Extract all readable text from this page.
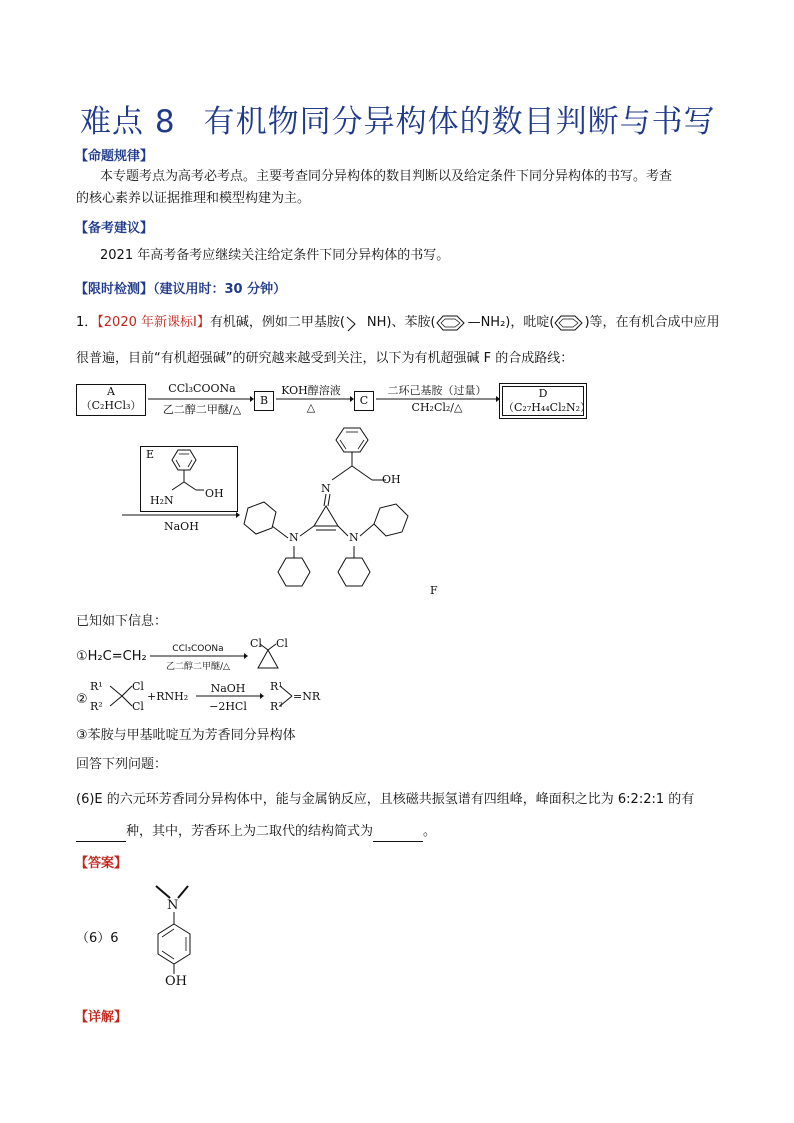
难点 8 有机物同分异构体的数目判断与书写
【命题规律】
本专题考点为高考必考点。主要考查同分异构体的数目判断以及给定条件下同分异构体的书写。考查
的核心素养以证据推理和模型构建为主。
【备考建议】
2021 年高考备考应继续关注给定条件下同分异构体的书写。
【限时检测】（建议用时：30 分钟）
1．【2020 年新课标Ⅰ】有机碱，例如二甲基胺( NH)、苯胺( —NH₂)，吡啶( )等，在有机合成中应用
很普遍，目前“有机超强碱”的研究越来越受到关注，以下为有机超强碱 F 的合成路线：
A
（C₂HCl₃）
CCl₃COONa
乙二醇二甲醚/△
B
KOH醇溶液
△
C
二环己基胺（过量）
CH₂Cl₂/△
D
（C₂₇H₄₄Cl₂N₂）
E
H₂N
OH
NaOH
N
OH
N	N
F
已知如下信息：
①H₂C=CH₂	CCl₃COONa
乙二醇二甲醚/△
Cl Cl
②
R¹
R²
Cl
Cl
+RNH₂
NaOH
−2HCl
R¹
R²
=NR
③苯胺与甲基吡啶互为芳香同分异构体
回答下列问题：
(6)E 的六元环芳香同分异构体中，能与金属钠反应，且核磁共振氢谱有四组峰，峰面积之比为 6:2:2:1 的有
种，其中，芳香环上为二取代的结构简式为	。
【答案】
（6）6
N
OH
【详解】
